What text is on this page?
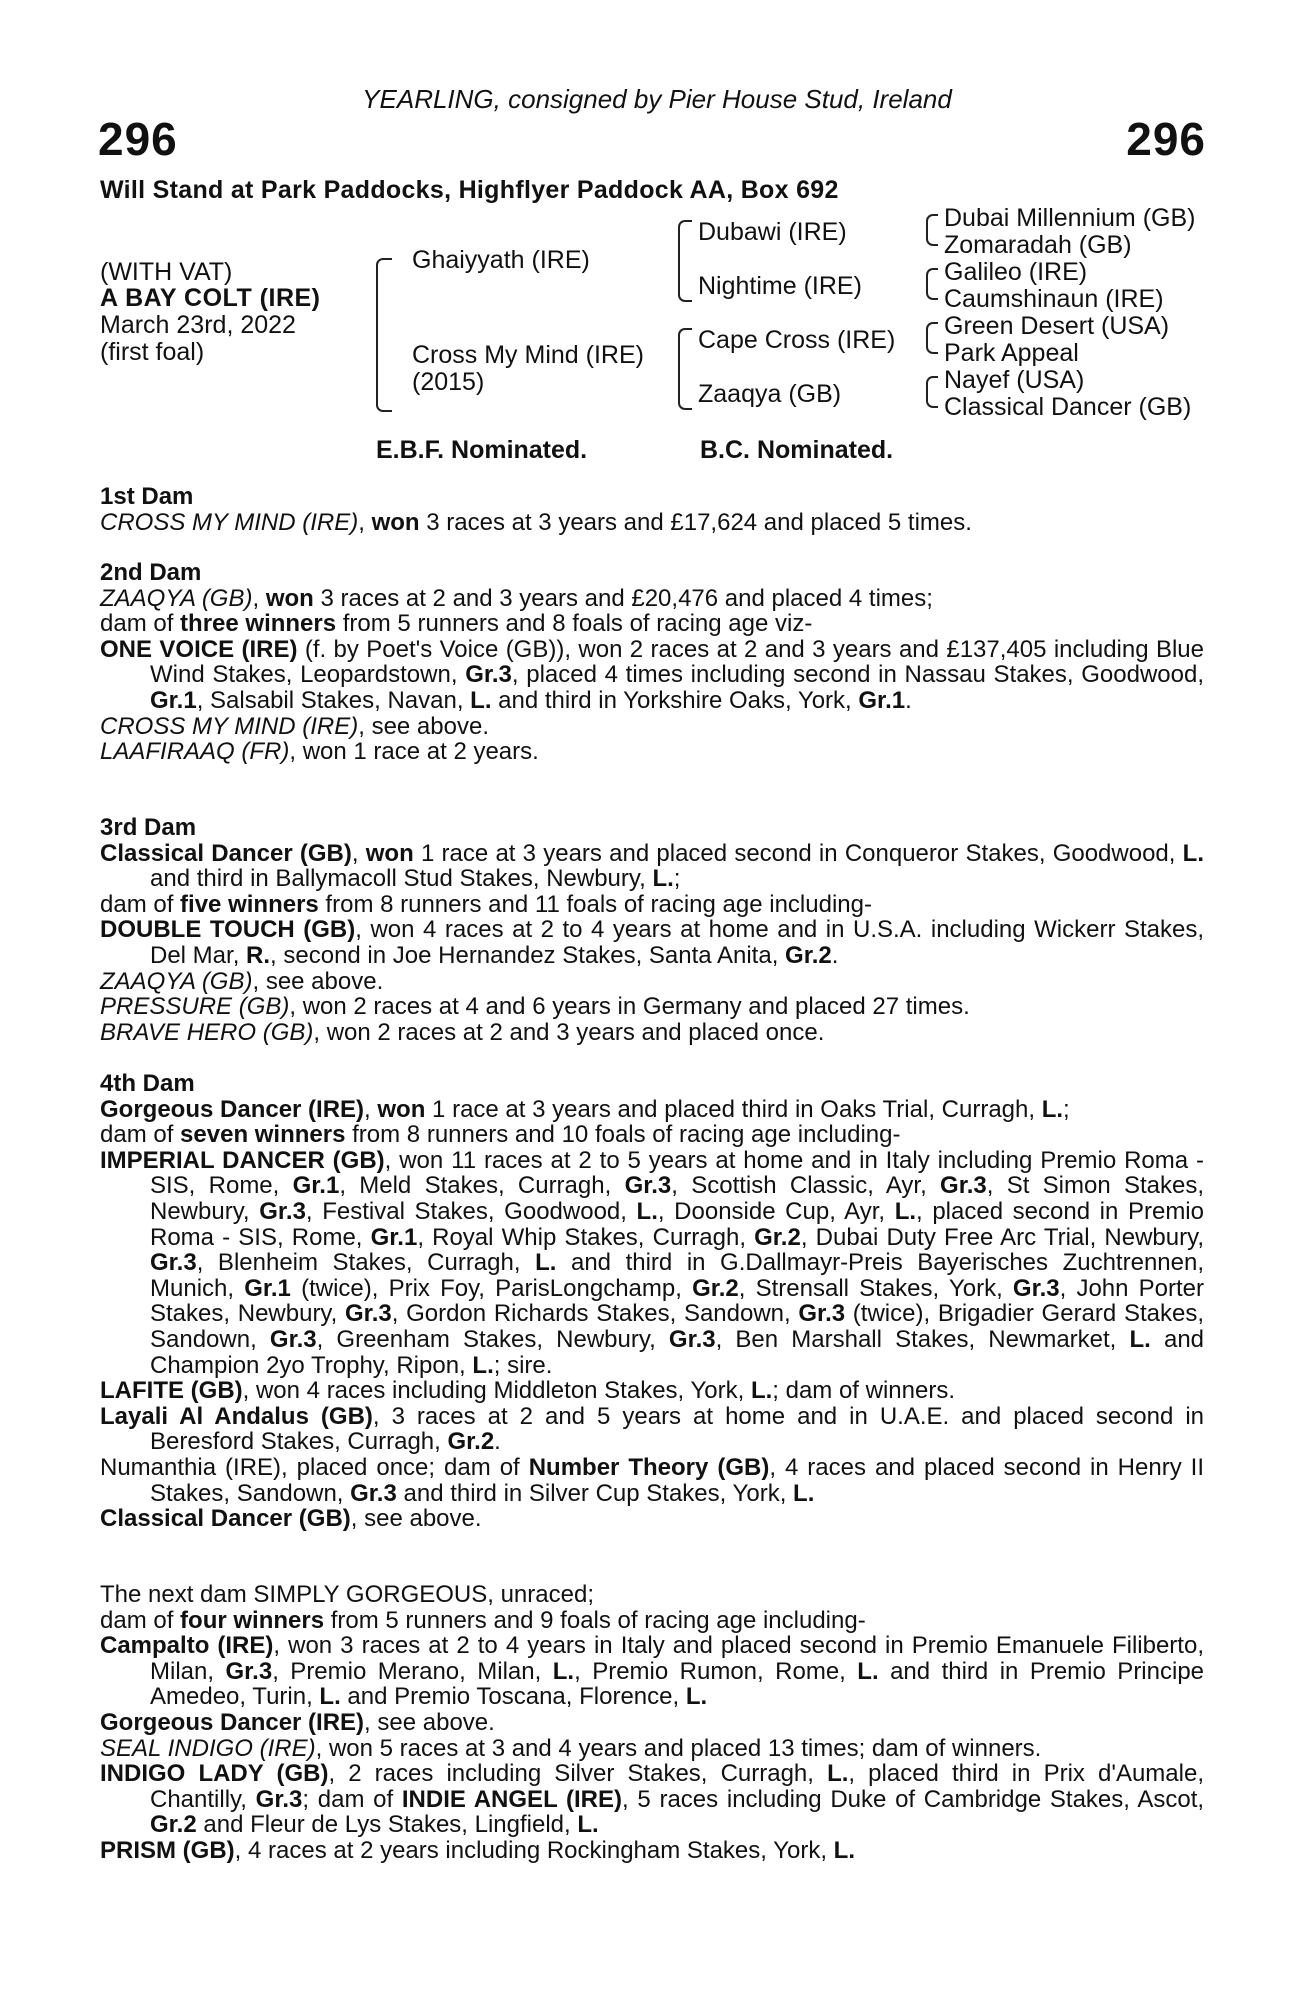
YEARLING, consigned by Pier House Stud, Ireland
296	296
Will Stand at Park Paddocks, Highflyer Paddock AA, Box 692
(WITH VAT)
A BAY COLT (IRE)
March 23rd, 2022
(first foal)
Ghaiyyath (IRE)
Cross My Mind (IRE)
(2015)
Dubawi (IRE)
Nightime (IRE)
Cape Cross (IRE)
Zaaqya (GB)
Dubai Millennium (GB)
Zomaradah (GB)
Galileo (IRE)
Caumshinaun (IRE)
Green Desert (USA)
Park Appeal
Nayef (USA)
Classical Dancer (GB)
E.B.F. Nominated.	B.C. Nominated.

1st Dam

CROSS MY MIND (IRE), won 3 races at 3 years and £17,624 and placed 5 times.

2nd Dam

ZAAQYA (GB), won 3 races at 2 and 3 years and £20,476 and placed 4 times;

dam of three winners from 5 runners and 8 foals of racing age viz-

ONE VOICE (IRE) (f. by Poet's Voice (GB)), won 2 races at 2 and 3 years and £137,405 including Blue Wind Stakes, Leopardstown, Gr.3, placed 4 times including second in Nassau Stakes, Goodwood, Gr.1, Salsabil Stakes, Navan, L. and third in Yorkshire Oaks, York, Gr.1.

CROSS MY MIND (IRE), see above.

LAAFIRAAQ (FR), won 1 race at 2 years.

3rd Dam

Classical Dancer (GB), won 1 race at 3 years and placed second in Conqueror Stakes, Goodwood, L. and third in Ballymacoll Stud Stakes, Newbury, L.;

dam of five winners from 8 runners and 11 foals of racing age including-

DOUBLE TOUCH (GB), won 4 races at 2 to 4 years at home and in U.S.A. including Wickerr Stakes, Del Mar, R., second in Joe Hernandez Stakes, Santa Anita, Gr.2.

ZAAQYA (GB), see above.

PRESSURE (GB), won 2 races at 4 and 6 years in Germany and placed 27 times.

BRAVE HERO (GB), won 2 races at 2 and 3 years and placed once.

4th Dam

Gorgeous Dancer (IRE), won 1 race at 3 years and placed third in Oaks Trial, Curragh, L.;

dam of seven winners from 8 runners and 10 foals of racing age including-

IMPERIAL DANCER (GB), won 11 races at 2 to 5 years at home and in Italy including Premio Roma - SIS, Rome, Gr.1, Meld Stakes, Curragh, Gr.3, Scottish Classic, Ayr, Gr.3, St Simon Stakes, Newbury, Gr.3, Festival Stakes, Goodwood, L., Doonside Cup, Ayr, L., placed second in Premio Roma - SIS, Rome, Gr.1, Royal Whip Stakes, Curragh, Gr.2, Dubai Duty Free Arc Trial, Newbury, Gr.3, Blenheim Stakes, Curragh, L. and third in G.Dallmayr-Preis Bayerisches Zuchtrennen, Munich, Gr.1 (twice), Prix Foy, ParisLongchamp, Gr.2, Strensall Stakes, York, Gr.3, John Porter Stakes, Newbury, Gr.3, Gordon Richards Stakes, Sandown, Gr.3 (twice), Brigadier Gerard Stakes, Sandown, Gr.3, Greenham Stakes, Newbury, Gr.3, Ben Marshall Stakes, Newmarket, L. and Champion 2yo Trophy, Ripon, L.; sire.

LAFITE (GB), won 4 races including Middleton Stakes, York, L.; dam of winners.

Layali Al Andalus (GB), 3 races at 2 and 5 years at home and in U.A.E. and placed second in Beresford Stakes, Curragh, Gr.2.

Numanthia (IRE), placed once; dam of Number Theory (GB), 4 races and placed second in Henry II Stakes, Sandown, Gr.3 and third in Silver Cup Stakes, York, L.

Classical Dancer (GB), see above.

The next dam SIMPLY GORGEOUS, unraced;

dam of four winners from 5 runners and 9 foals of racing age including-

Campalto (IRE), won 3 races at 2 to 4 years in Italy and placed second in Premio Emanuele Filiberto, Milan, Gr.3, Premio Merano, Milan, L., Premio Rumon, Rome, L. and third in Premio Principe Amedeo, Turin, L. and Premio Toscana, Florence, L.

Gorgeous Dancer (IRE), see above.

SEAL INDIGO (IRE), won 5 races at 3 and 4 years and placed 13 times; dam of winners.

INDIGO LADY (GB), 2 races including Silver Stakes, Curragh, L., placed third in Prix d'Aumale, Chantilly, Gr.3; dam of INDIE ANGEL (IRE), 5 races including Duke of Cambridge Stakes, Ascot, Gr.2 and Fleur de Lys Stakes, Lingfield, L.

PRISM (GB), 4 races at 2 years including Rockingham Stakes, York, L.
